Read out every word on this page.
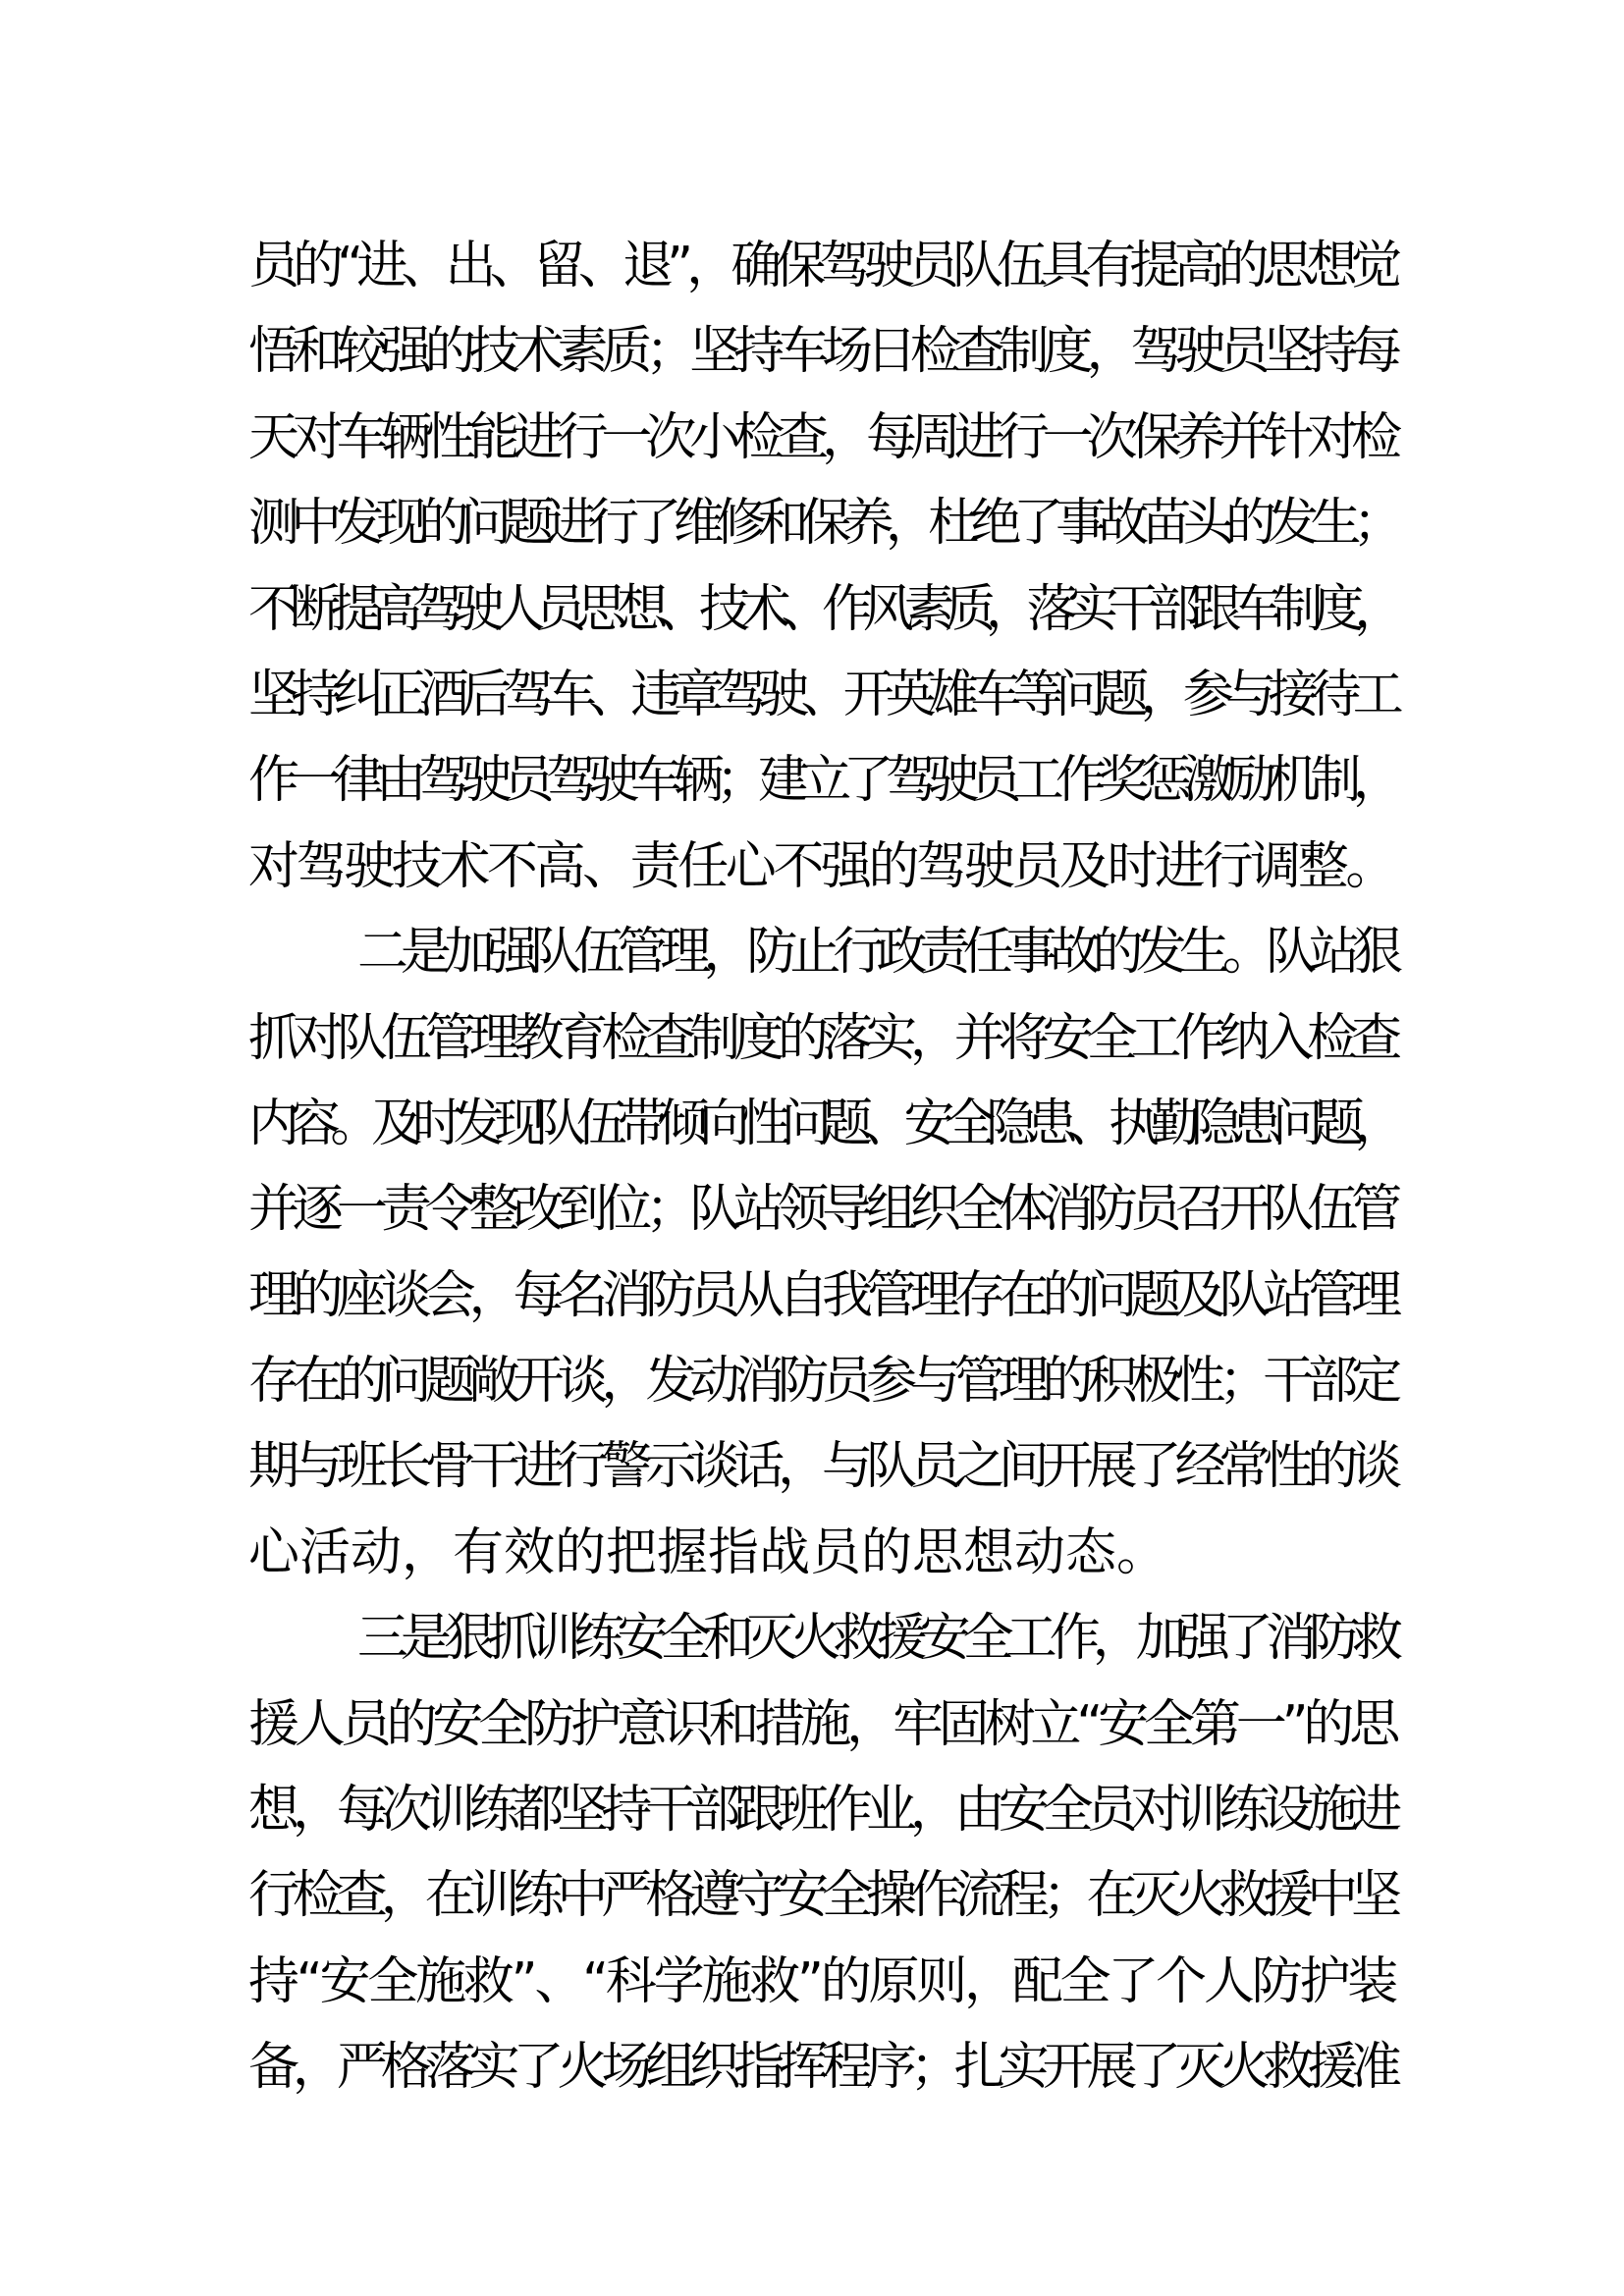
员的“进、出、留、退”，确保驾驶员队伍具有提高的思想觉
悟和较强的技术素质；坚持车场日检查制度，驾驶员坚持每
天对车辆性能进行一次小检查，每周进行一次保养并针对检
测中发现的问题进行了维修和保养，杜绝了事故苗头的发生；
不断提高驾驶人员思想、技术、作风素质，落实干部跟车制度，
坚持纠正酒后驾车、违章驾驶、开英雄车等问题，参与接待工
作一律由驾驶员驾驶车辆；建立了驾驶员工作奖惩激励机制，
对驾驶技术不高、责任心不强的驾驶员及时进行调整。
二是加强队伍管理，防止行政责任事故的发生。队站狠
抓对队伍管理教育检查制度的落实，并将安全工作纳入检查
内容。及时发现队伍带倾向性问题、安全隐患、执勤隐患问题，
并逐一责令整改到位；队站领导组织全体消防员召开队伍管
理的座谈会，每名消防员从自我管理存在的问题及队站管理
存在的问题敞开谈，发动消防员参与管理的积极性；干部定
期与班长骨干进行警示谈话，与队员之间开展了经常性的谈
心活动，有效的把握指战员的思想动态。
三是狠抓训练安全和灭火救援安全工作，加强了消防救
援人员的安全防护意识和措施，牢固树立“安全第一”的思
想，每次训练都坚持干部跟班作业，由安全员对训练设施进
行检查，在训练中严格遵守安全操作流程；在灭火救援中坚
持“安全施救”、“科学施救”的原则，配全了个人防护装
备，严格落实了火场组织指挥程序；扎实开展了灭火救援准
